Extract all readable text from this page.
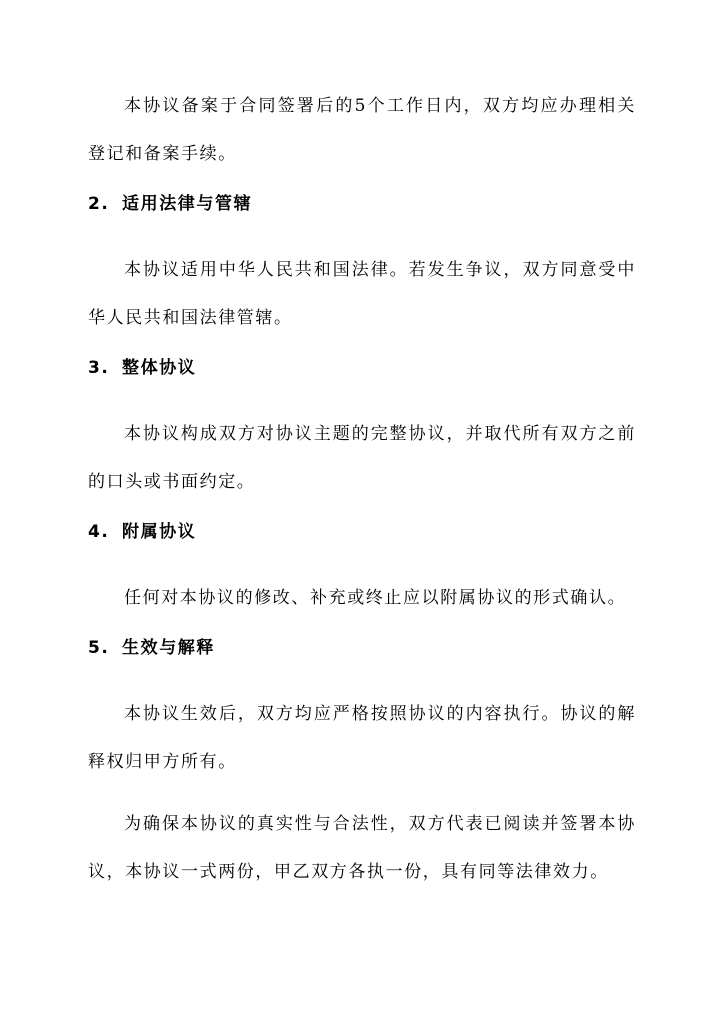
本协议备案于合同签署后的5个工作日内，双方均应办理相关登记和备案手续。

2. 适用法律与管辖

本协议适用中华人民共和国法律。若发生争议，双方同意受中华人民共和国法律管辖。

3. 整体协议

本协议构成双方对协议主题的完整协议，并取代所有双方之前的口头或书面约定。

4. 附属协议

任何对本协议的修改、补充或终止应以附属协议的形式确认。

5. 生效与解释

本协议生效后，双方均应严格按照协议的内容执行。协议的解释权归甲方所有。

为确保本协议的真实性与合法性，双方代表已阅读并签署本协议，本协议一式两份，甲乙双方各执一份，具有同等法律效力。
